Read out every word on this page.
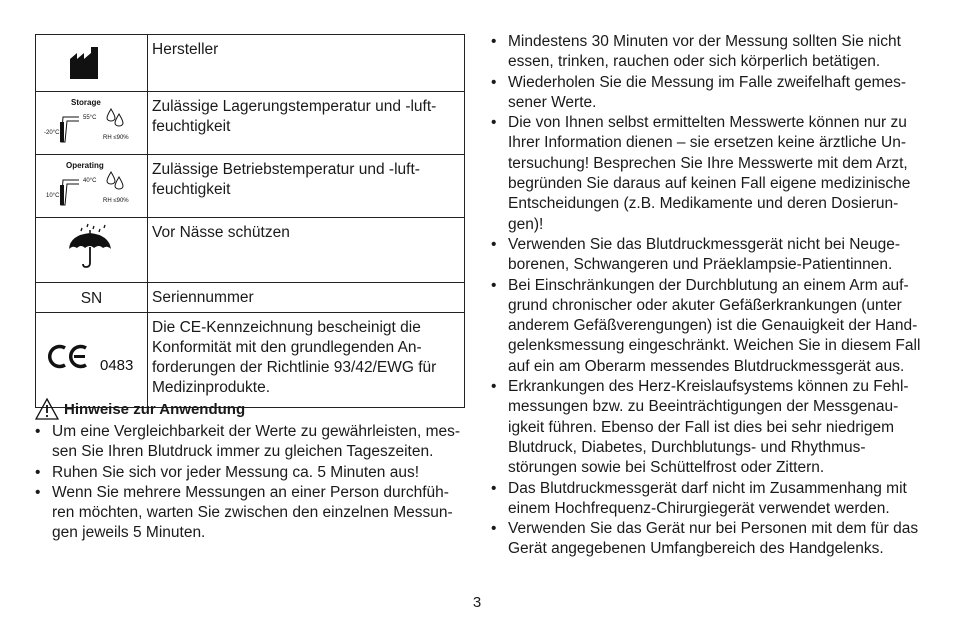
	Hersteller

Storage
55°C
-20°C
RH ≤90%	Zulässige Lagerungstemperatur und -luft-
feuchtigkeit

Operating
40°C
10°C
RH ≤90%	Zulässige Betriebstemperatur und -luft-
feuchtigkeit
	Vor Nässe schützen

SN	Seriennummer

0483	Die CE-Kennzeichnung bescheinigt die
Konformität mit den grundlegenden An-
forderungen der Richtlinie 93/42/EWG für
Medizinprodukte.
Hinweise zur Anwendung
• Um eine Vergleichbarkeit der Werte zu gewährleisten, mes-
sen Sie Ihren Blutdruck immer zu gleichen Tageszeiten.
• Ruhen Sie sich vor jeder Messung ca. 5 Minuten aus!
• Wenn Sie mehrere Messungen an einer Person durchfüh-
ren möchten, warten Sie zwischen den einzelnen Messun-
gen jeweils 5 Minuten.
• Mindestens 30 Minuten vor der Messung sollten Sie nicht
essen, trinken, rauchen oder sich körperlich betätigen.
• Wiederholen Sie die Messung im Falle zweifelhaft gemes-
sener Werte.
• Die von Ihnen selbst ermittelten Messwerte können nur zu
Ihrer Information dienen – sie ersetzen keine ärztliche Un-
tersuchung! Besprechen Sie Ihre Messwerte mit dem Arzt,
begründen Sie daraus auf keinen Fall eigene medizinische
Entscheidungen (z.B. Medikamente und deren Dosierun-
gen)!
• Verwenden Sie das Blutdruckmessgerät nicht bei Neuge-
borenen, Schwangeren und Präeklampsie-Patientinnen.
• Bei Einschränkungen der Durchblutung an einem Arm auf-
grund chronischer oder akuter Gefäßerkrankungen (unter
anderem Gefäßverengungen) ist die Genauigkeit der Hand-
gelenksmessung eingeschränkt. Weichen Sie in diesem Fall
auf ein am Oberarm messendes Blutdruckmessgerät aus.
• Erkrankungen des Herz-Kreislaufsystems können zu Fehl-
messungen bzw. zu Beeinträchtigungen der Messgenau-
igkeit führen. Ebenso der Fall ist dies bei sehr niedrigem
Blutdruck, Diabetes, Durchblutungs- und Rhythmus-
störungen sowie bei Schüttelfrost oder Zittern.
• Das Blutdruckmessgerät darf nicht im Zusammenhang mit
einem Hochfrequenz-Chirurgiegerät verwendet werden.
• Verwenden Sie das Gerät nur bei Personen mit dem für das
Gerät angegebenen Umfangbereich des Handgelenks.
3
